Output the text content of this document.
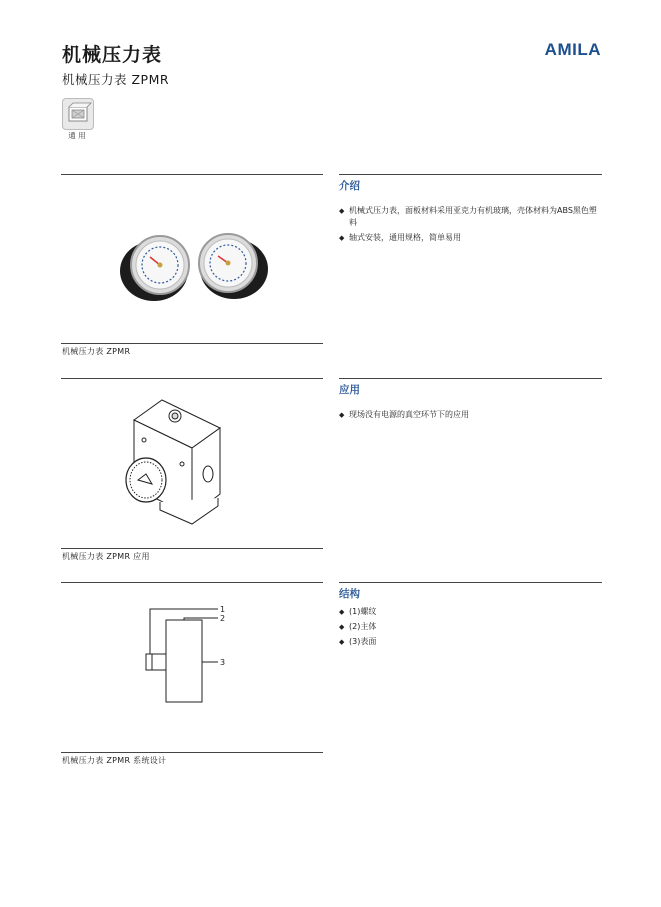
机械压力表
机械压力表 ZPMR
AMILA
通 用
机械压力表 ZPMR
介绍
◆ 机械式压力表，面板材料采用亚克力有机玻璃，壳体材料为ABS黑色塑料
◆ 轴式安装，通用规格，简单易用
机械压力表 ZPMR 应用
应用
◆ 现场没有电源的真空环节下的应用
1
2
3
机械压力表 ZPMR 系统设计
结构
◆ (1)螺纹
◆ (2)主体
◆ (3)表面
